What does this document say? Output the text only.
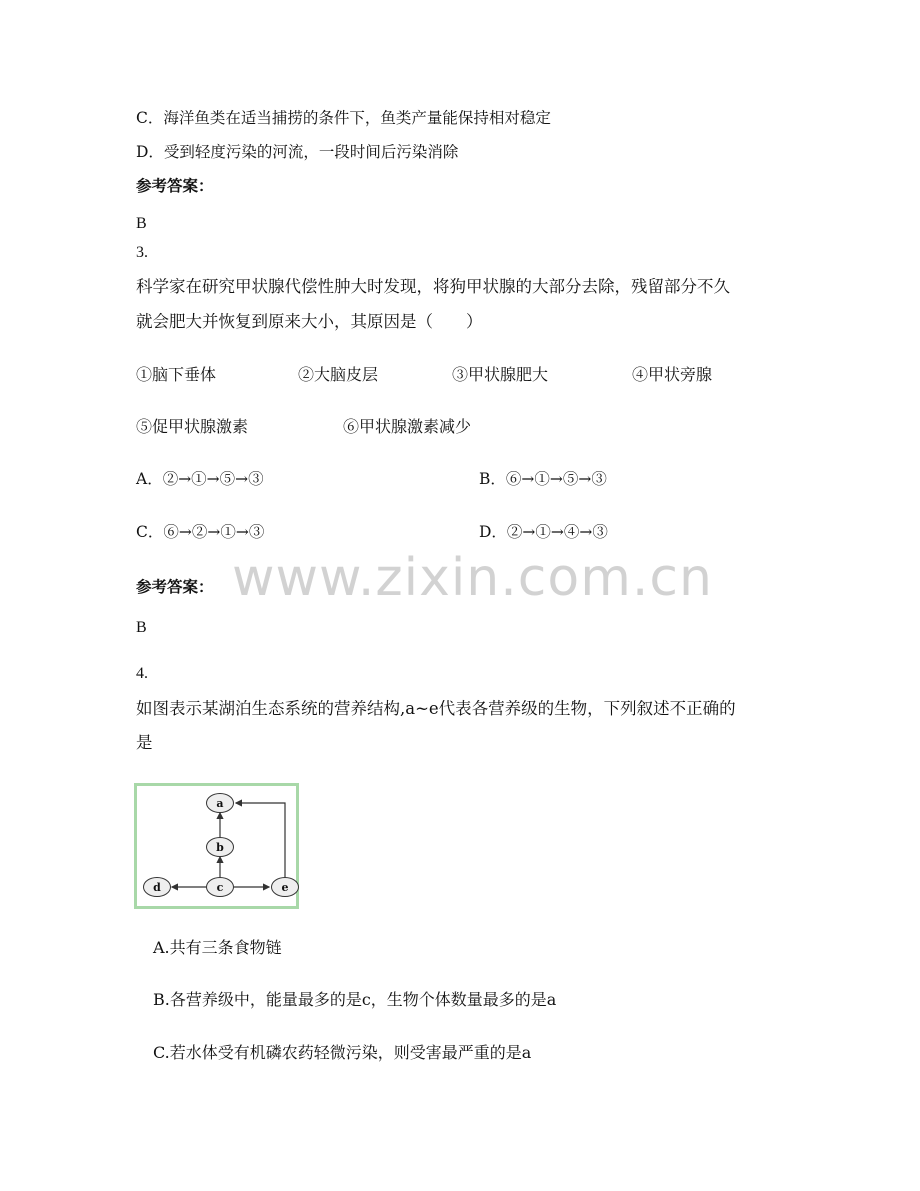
C．海洋鱼类在适当捕捞的条件下，鱼类产量能保持相对稳定
D．受到轻度污染的河流，一段时间后污染消除
参考答案：
B
3.
科学家在研究甲状腺代偿性肿大时发现，将狗甲状腺的大部分去除，残留部分不久
就会肥大并恢复到原来大小，其原因是（　　）
①脑下垂体	②大脑皮层	③甲状腺肥大	④甲状旁腺
⑤促甲状腺激素	⑥甲状腺激素减少
A．②→①→⑤→③	B．⑥→①→⑤→③
C．⑥→②→①→③	D．②→①→④→③
www.zixin.com.cn
参考答案：
B
4.
如图表示某湖泊生态系统的营养结构,a~e代表各营养级的生物，下列叙述不正确的
是
a
b
c
d	e
A.共有三条食物链
B.各营养级中，能量最多的是c，生物个体数量最多的是a
C.若水体受有机磷农药轻微污染，则受害最严重的是a
